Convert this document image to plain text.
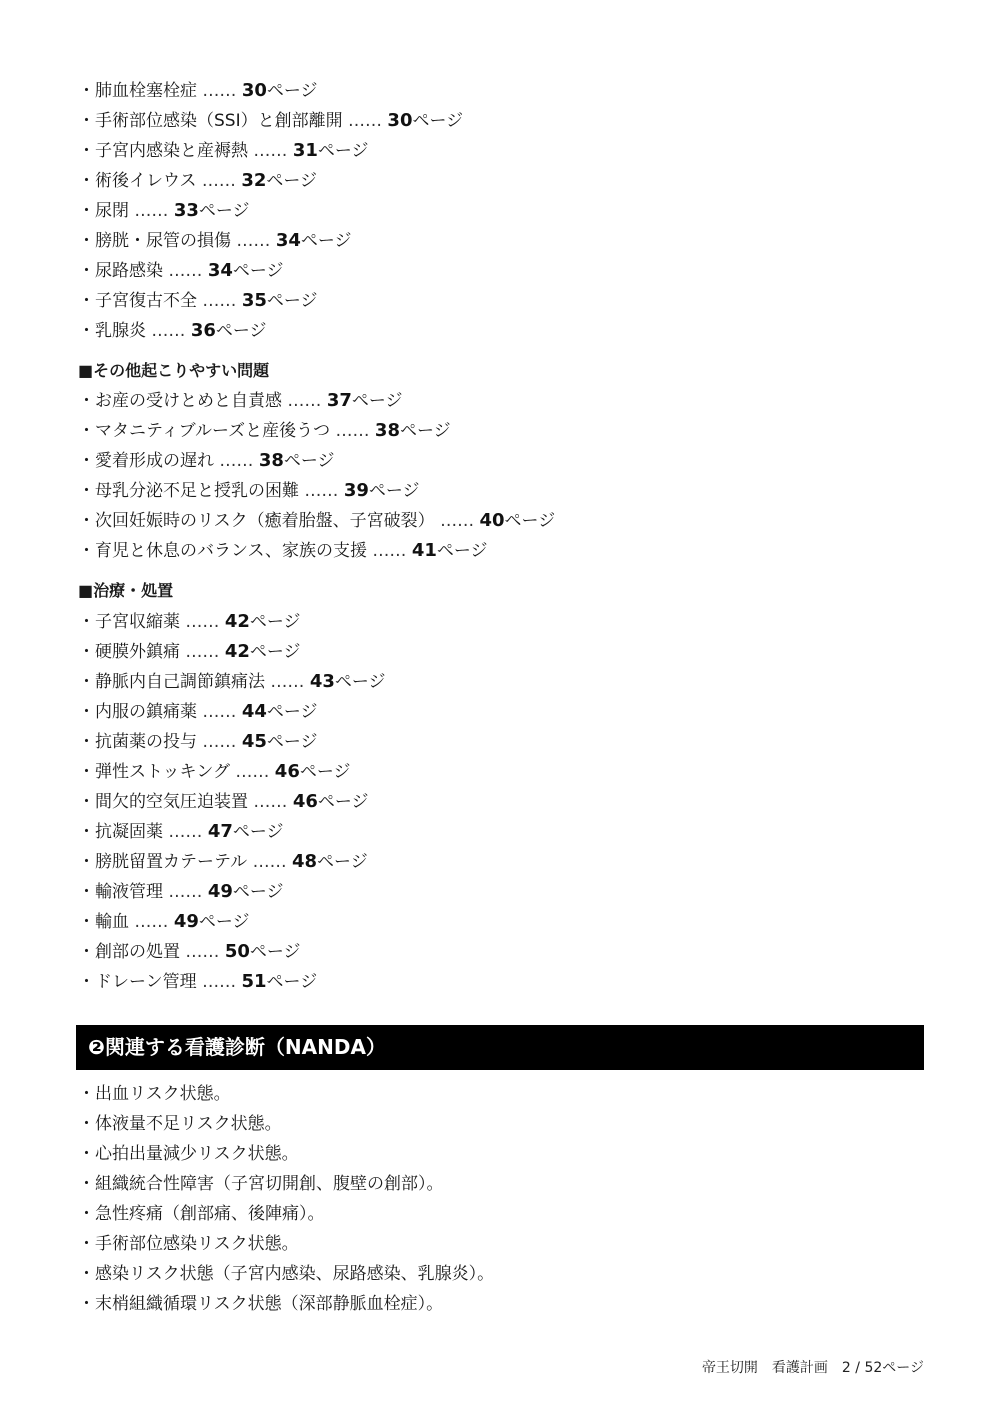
・肺血栓塞栓症 …… 30ページ
・手術部位感染（SSI）と創部離開 …… 30ページ
・子宮内感染と産褥熱 …… 31ページ
・術後イレウス …… 32ページ
・尿閉 …… 33ページ
・膀胱・尿管の損傷 …… 34ページ
・尿路感染 …… 34ページ
・子宮復古不全 …… 35ページ
・乳腺炎 …… 36ページ
■その他起こりやすい問題
・お産の受けとめと自責感 …… 37ページ
・マタニティブルーズと産後うつ …… 38ページ
・愛着形成の遅れ …… 38ページ
・母乳分泌不足と授乳の困難 …… 39ページ
・次回妊娠時のリスク（癒着胎盤、子宮破裂） …… 40ページ
・育児と休息のバランス、家族の支援 …… 41ページ
■治療・処置
・子宮収縮薬 …… 42ページ
・硬膜外鎮痛 …… 42ページ
・静脈内自己調節鎮痛法 …… 43ページ
・内服の鎮痛薬 …… 44ページ
・抗菌薬の投与 …… 45ページ
・弾性ストッキング …… 46ページ
・間欠的空気圧迫装置 …… 46ページ
・抗凝固薬 …… 47ページ
・膀胱留置カテーテル …… 48ページ
・輸液管理 …… 49ページ
・輸血 …… 49ページ
・創部の処置 …… 50ページ
・ドレーン管理 …… 51ページ
❷関連する看護診断（NANDA）
・出血リスク状態。
・体液量不足リスク状態。
・心拍出量減少リスク状態。
・組織統合性障害（子宮切開創、腹壁の創部）。
・急性疼痛（創部痛、後陣痛）。
・手術部位感染リスク状態。
・感染リスク状態（子宮内感染、尿路感染、乳腺炎）。
・末梢組織循環リスク状態（深部静脈血栓症）。
帝王切開　看護計画　2 / 52ページ
